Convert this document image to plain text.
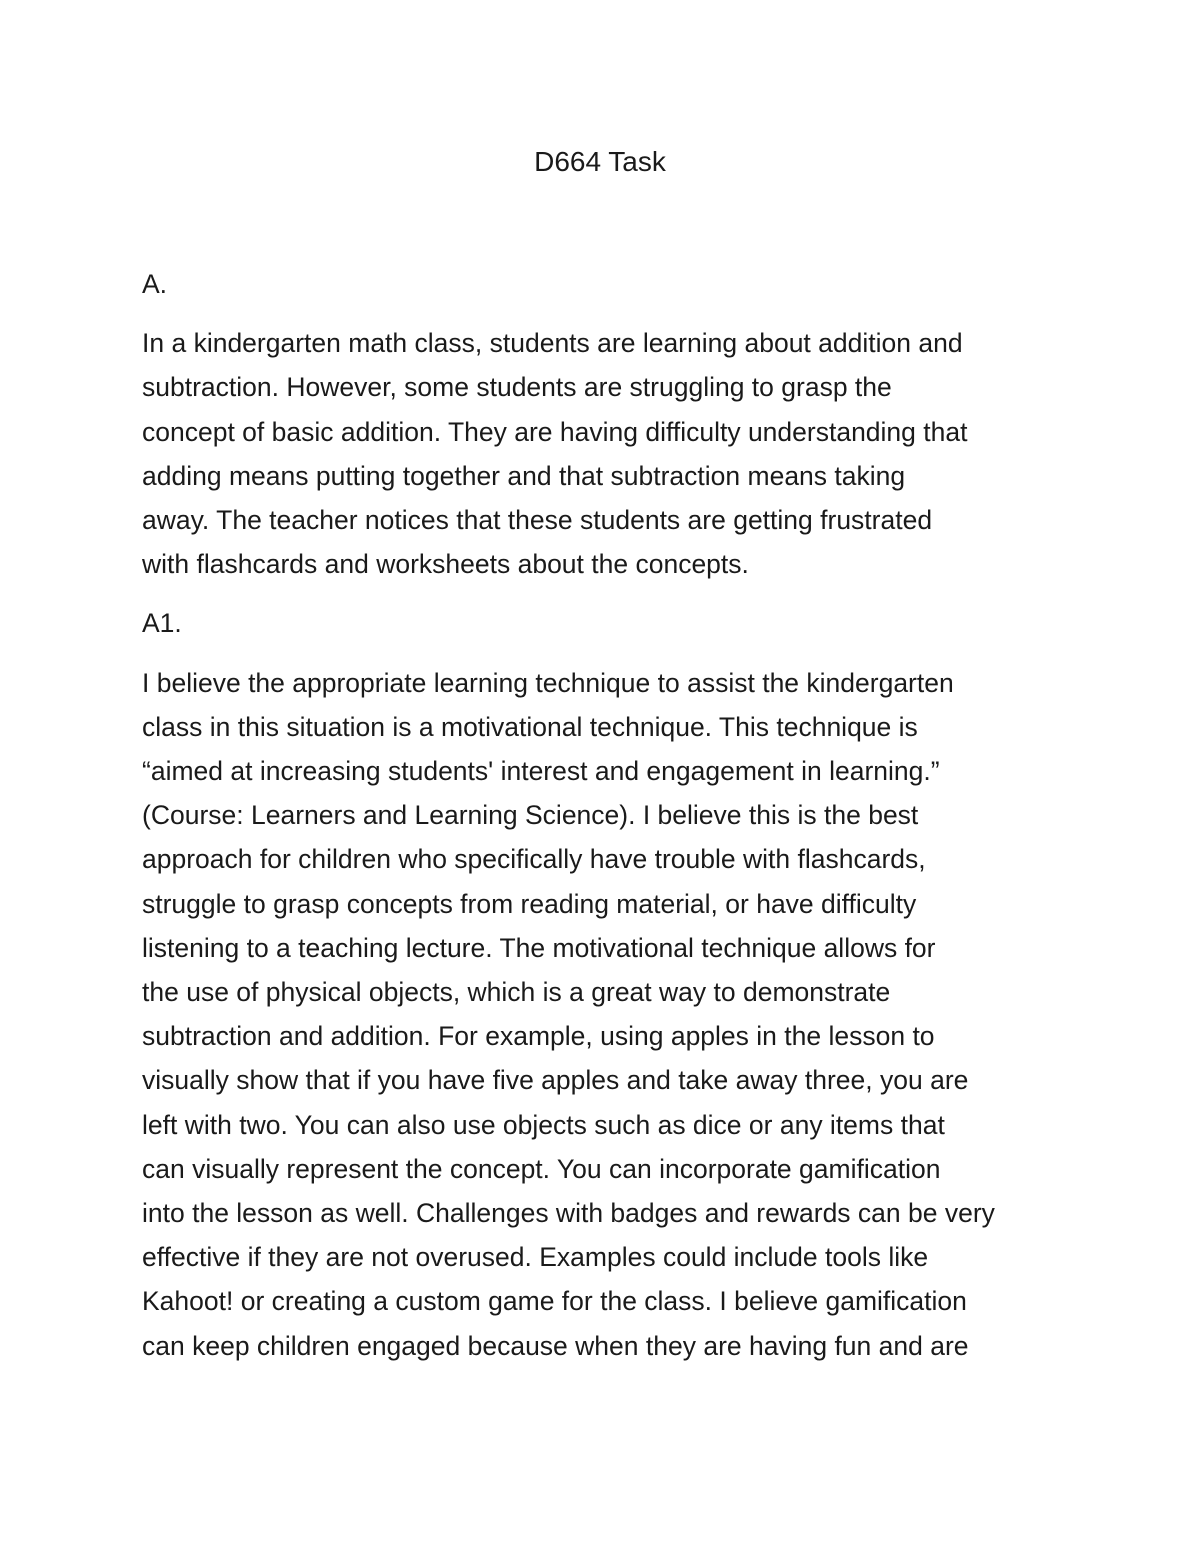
D664 Task

A.

In a kindergarten math class, students are learning about addition and
subtraction. However, some students are struggling to grasp the
concept of basic addition. They are having difficulty understanding that
adding means putting together and that subtraction means taking
away. The teacher notices that these students are getting frustrated
with flashcards and worksheets about the concepts.

A1.

I believe the appropriate learning technique to assist the kindergarten
class in this situation is a motivational technique. This technique is
“aimed at increasing students' interest and engagement in learning.”
(Course: Learners and Learning Science). I believe this is the best
approach for children who specifically have trouble with flashcards,
struggle to grasp concepts from reading material, or have difficulty
listening to a teaching lecture. The motivational technique allows for
the use of physical objects, which is a great way to demonstrate
subtraction and addition. For example, using apples in the lesson to
visually show that if you have five apples and take away three, you are
left with two. You can also use objects such as dice or any items that
can visually represent the concept. You can incorporate gamification
into the lesson as well. Challenges with badges and rewards can be very
effective if they are not overused. Examples could include tools like
Kahoot! or creating a custom game for the class. I believe gamification
can keep children engaged because when they are having fun and are
